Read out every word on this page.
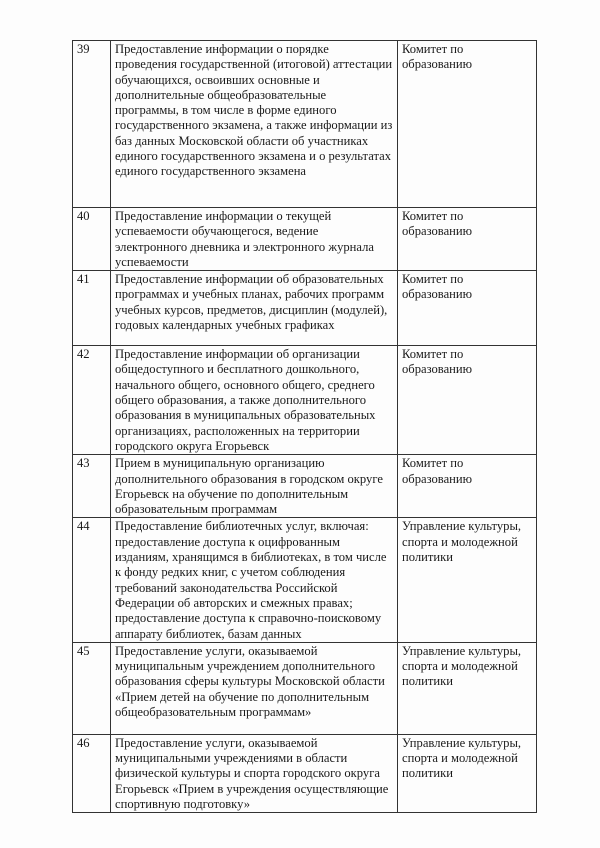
39	Предоставление информации о порядке проведения государственной (итоговой) аттестации обучающихся, освоивших основные и дополнительные общеобразовательные программы, в том числе в форме единого государственного экзамена, а также информации из баз данных Московской области об участниках единого государственного экзамена и о результатах единого государственного экзамена	Комитет по образованию
40	Предоставление информации о текущей успеваемости обучающегося, ведение электронного дневника и электронного журнала успеваемости	Комитет по образованию
41	Предоставление информации об образовательных программах и учебных планах, рабочих программ учебных курсов, предметов, дисциплин (модулей), годовых календарных учебных графиках	Комитет по образованию
42	Предоставление информации об организации общедоступного и бесплатного дошкольного, начального общего, основного общего, среднего общего образования, а также дополнительного образования в муниципальных образовательных организациях, расположенных на территории городского округа Егорьевск	Комитет по образованию
43	Прием в муниципальную организацию дополнительного образования в городском округе Егорьевск на обучение по дополнительным образовательным программам	Комитет по образованию
44	Предоставление библиотечных услуг, включая: предоставление доступа к оцифрованным изданиям, хранящимся в библиотеках, в том числе к фонду редких книг, с учетом соблюдения требований законодательства Российской Федерации об авторских и смежных правах; предоставление доступа к справочно-поисковому аппарату библиотек, базам данных	Управление культуры, спорта и молодежной политики
45	Предоставление услуги, оказываемой муниципальным учреждением дополнительного образования сферы культуры Московской области «Прием детей на обучение по дополнительным общеобразовательным программам»	Управление культуры, спорта и молодежной политики
46	Предоставление услуги, оказываемой муниципальными учреждениями в области физической культуры и спорта городского округа Егорьевск «Прием в учреждения осуществляющие спортивную подготовку»	Управление культуры, спорта и молодежной политики
